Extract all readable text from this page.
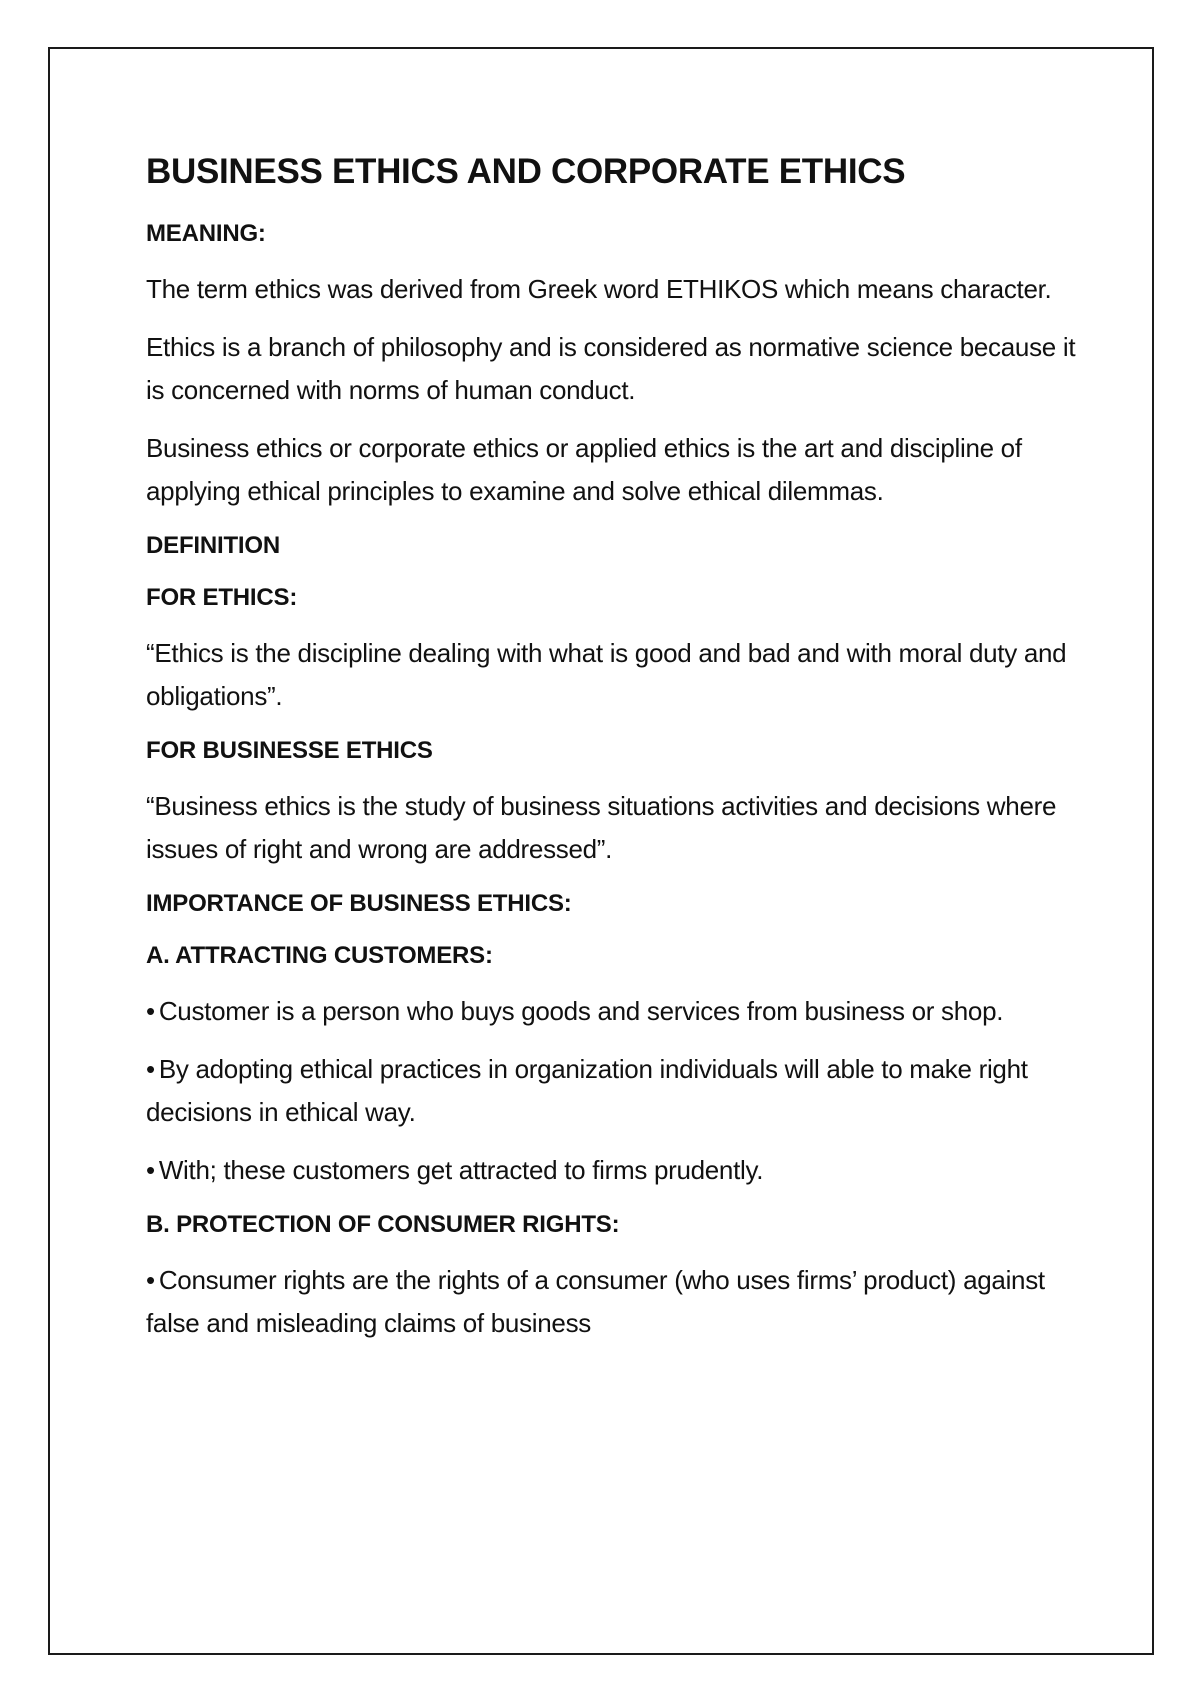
BUSINESS ETHICS AND CORPORATE ETHICS
MEANING:

The term ethics was derived from Greek word ETHIKOS which means character.

Ethics is a branch of philosophy and is considered as normative science because it is concerned with norms of human conduct.

Business ethics or corporate ethics or applied ethics is the art and discipline of applying ethical principles to examine and solve ethical dilemmas.

DEFINITION
FOR ETHICS:

“Ethics is the discipline dealing with what is good and bad and with moral duty and obligations”.

FOR BUSINESSE ETHICS

“Business ethics is the study of business situations activities and decisions where issues of right and wrong are addressed”.

IMPORTANCE OF BUSINESS ETHICS:
A. ATTRACTING CUSTOMERS:

• Customer is a person who buys goods and services from business or shop.

• By adopting ethical practices in organization individuals will able to make right decisions in ethical way.

• With; these customers get attracted to firms prudently.

B. PROTECTION OF CONSUMER RIGHTS:

• Consumer rights are the rights of a consumer (who uses firms’ product) against false and misleading claims of business
